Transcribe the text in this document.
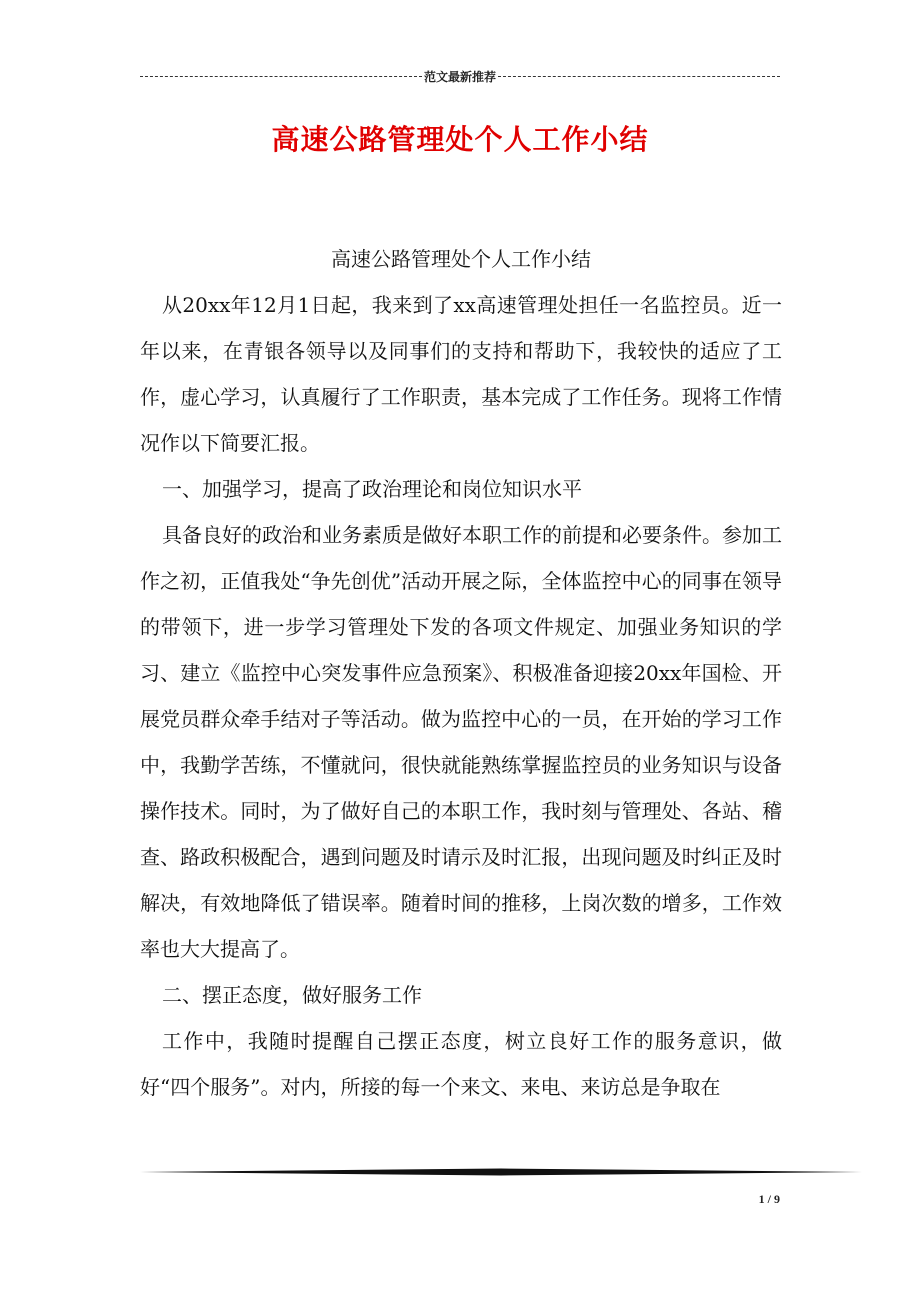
范文最新推荐
高速公路管理处个人工作小结

高速公路管理处个人工作小结

从20xx年12月1日起，我来到了xx高速管理处担任一名监控员。近一年以来，在青银各领导以及同事们的支持和帮助下，我较快的适应了工作，虚心学习，认真履行了工作职责，基本完成了工作任务。现将工作情况作以下简要汇报。

一、加强学习，提高了政治理论和岗位知识水平

具备良好的政治和业务素质是做好本职工作的前提和必要条件。参加工作之初，正值我处“争先创优”活动开展之际，全体监控中心的同事在领导的带领下，进一步学习管理处下发的各项文件规定、加强业务知识的学习、建立《监控中心突发事件应急预案》、积极准备迎接20xx年国检、开展党员群众牵手结对子等活动。做为监控中心的一员，在开始的学习工作中，我勤学苦练，不懂就问，很快就能熟练掌握监控员的业务知识与设备操作技术。同时，为了做好自己的本职工作，我时刻与管理处、各站、稽查、路政积极配合，遇到问题及时请示及时汇报，出现问题及时纠正及时解决，有效地降低了错误率。随着时间的推移，上岗次数的增多，工作效率也大大提高了。

二、摆正态度，做好服务工作

工作中，我随时提醒自己摆正态度，树立良好工作的服务意识，做好“四个服务”。对内，所接的每一个来文、来电、来访总是争取在

1 / 9
